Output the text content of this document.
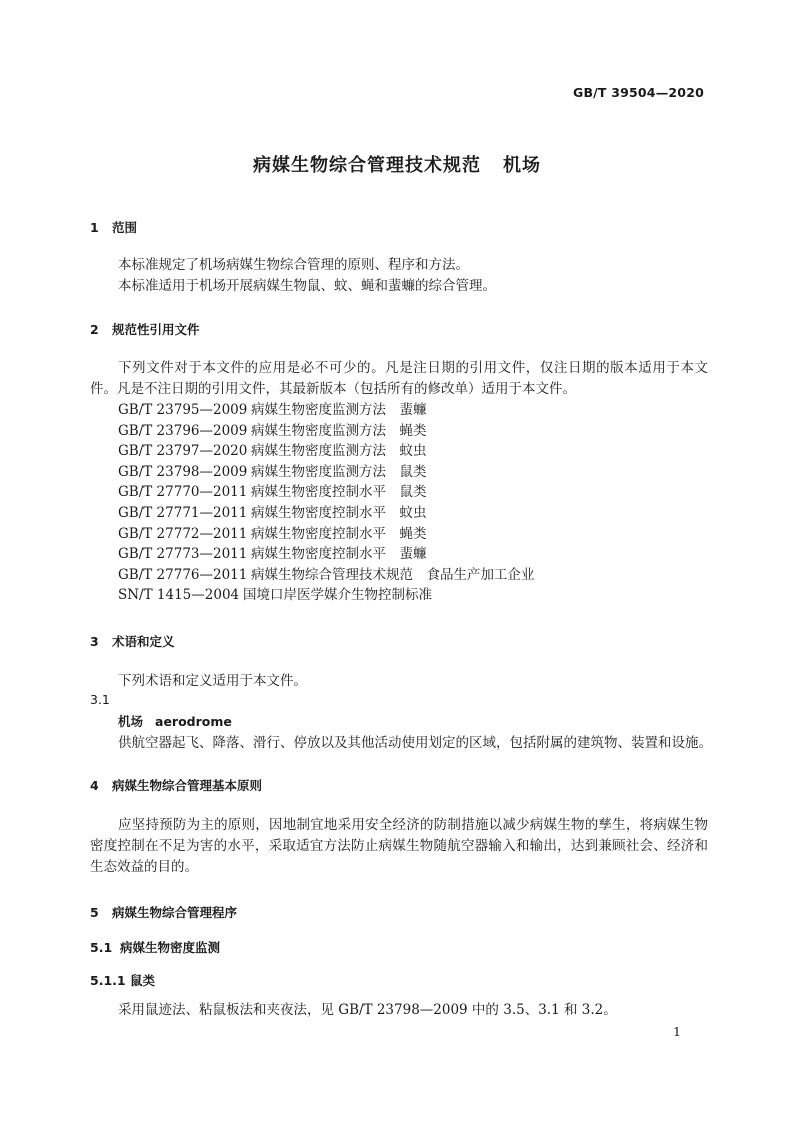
GB/T 39504—2020
病媒生物综合管理技术规范 机场
1 范围
本标准规定了机场病媒生物综合管理的原则、程序和方法。
本标准适用于机场开展病媒生物鼠、蚊、蝇和蜚蠊的综合管理。
2 规范性引用文件
下列文件对于本文件的应用是必不可少的。凡是注日期的引用文件，仅注日期的版本适用于本文件。凡是不注日期的引用文件，其最新版本（包括所有的修改单）适用于本文件。
GB/T 23795—2009 病媒生物密度监测方法　蜚蠊
GB/T 23796—2009 病媒生物密度监测方法　蝇类
GB/T 23797—2020 病媒生物密度监测方法　蚊虫
GB/T 23798—2009 病媒生物密度监测方法　鼠类
GB/T 27770—2011 病媒生物密度控制水平　鼠类
GB/T 27771—2011 病媒生物密度控制水平　蚊虫
GB/T 27772—2011 病媒生物密度控制水平　蝇类
GB/T 27773—2011 病媒生物密度控制水平　蜚蠊
GB/T 27776—2011 病媒生物综合管理技术规范　食品生产加工企业
SN/T 1415—2004 国境口岸医学媒介生物控制标准
3 术语和定义
下列术语和定义适用于本文件。
3.1
机场 aerodrome
供航空器起飞、降落、滑行、停放以及其他活动使用划定的区域，包括附属的建筑物、装置和设施。
4 病媒生物综合管理基本原则
应坚持预防为主的原则，因地制宜地采用安全经济的防制措施以减少病媒生物的孳生，将病媒生物密度控制在不足为害的水平，采取适宜方法防止病媒生物随航空器输入和输出，达到兼顾社会、经济和生态效益的目的。
5 病媒生物综合管理程序
5.1 病媒生物密度监测
5.1.1 鼠类
采用鼠迹法、粘鼠板法和夹夜法，见 GB/T 23798—2009 中的 3.5、3.1 和 3.2。
1
